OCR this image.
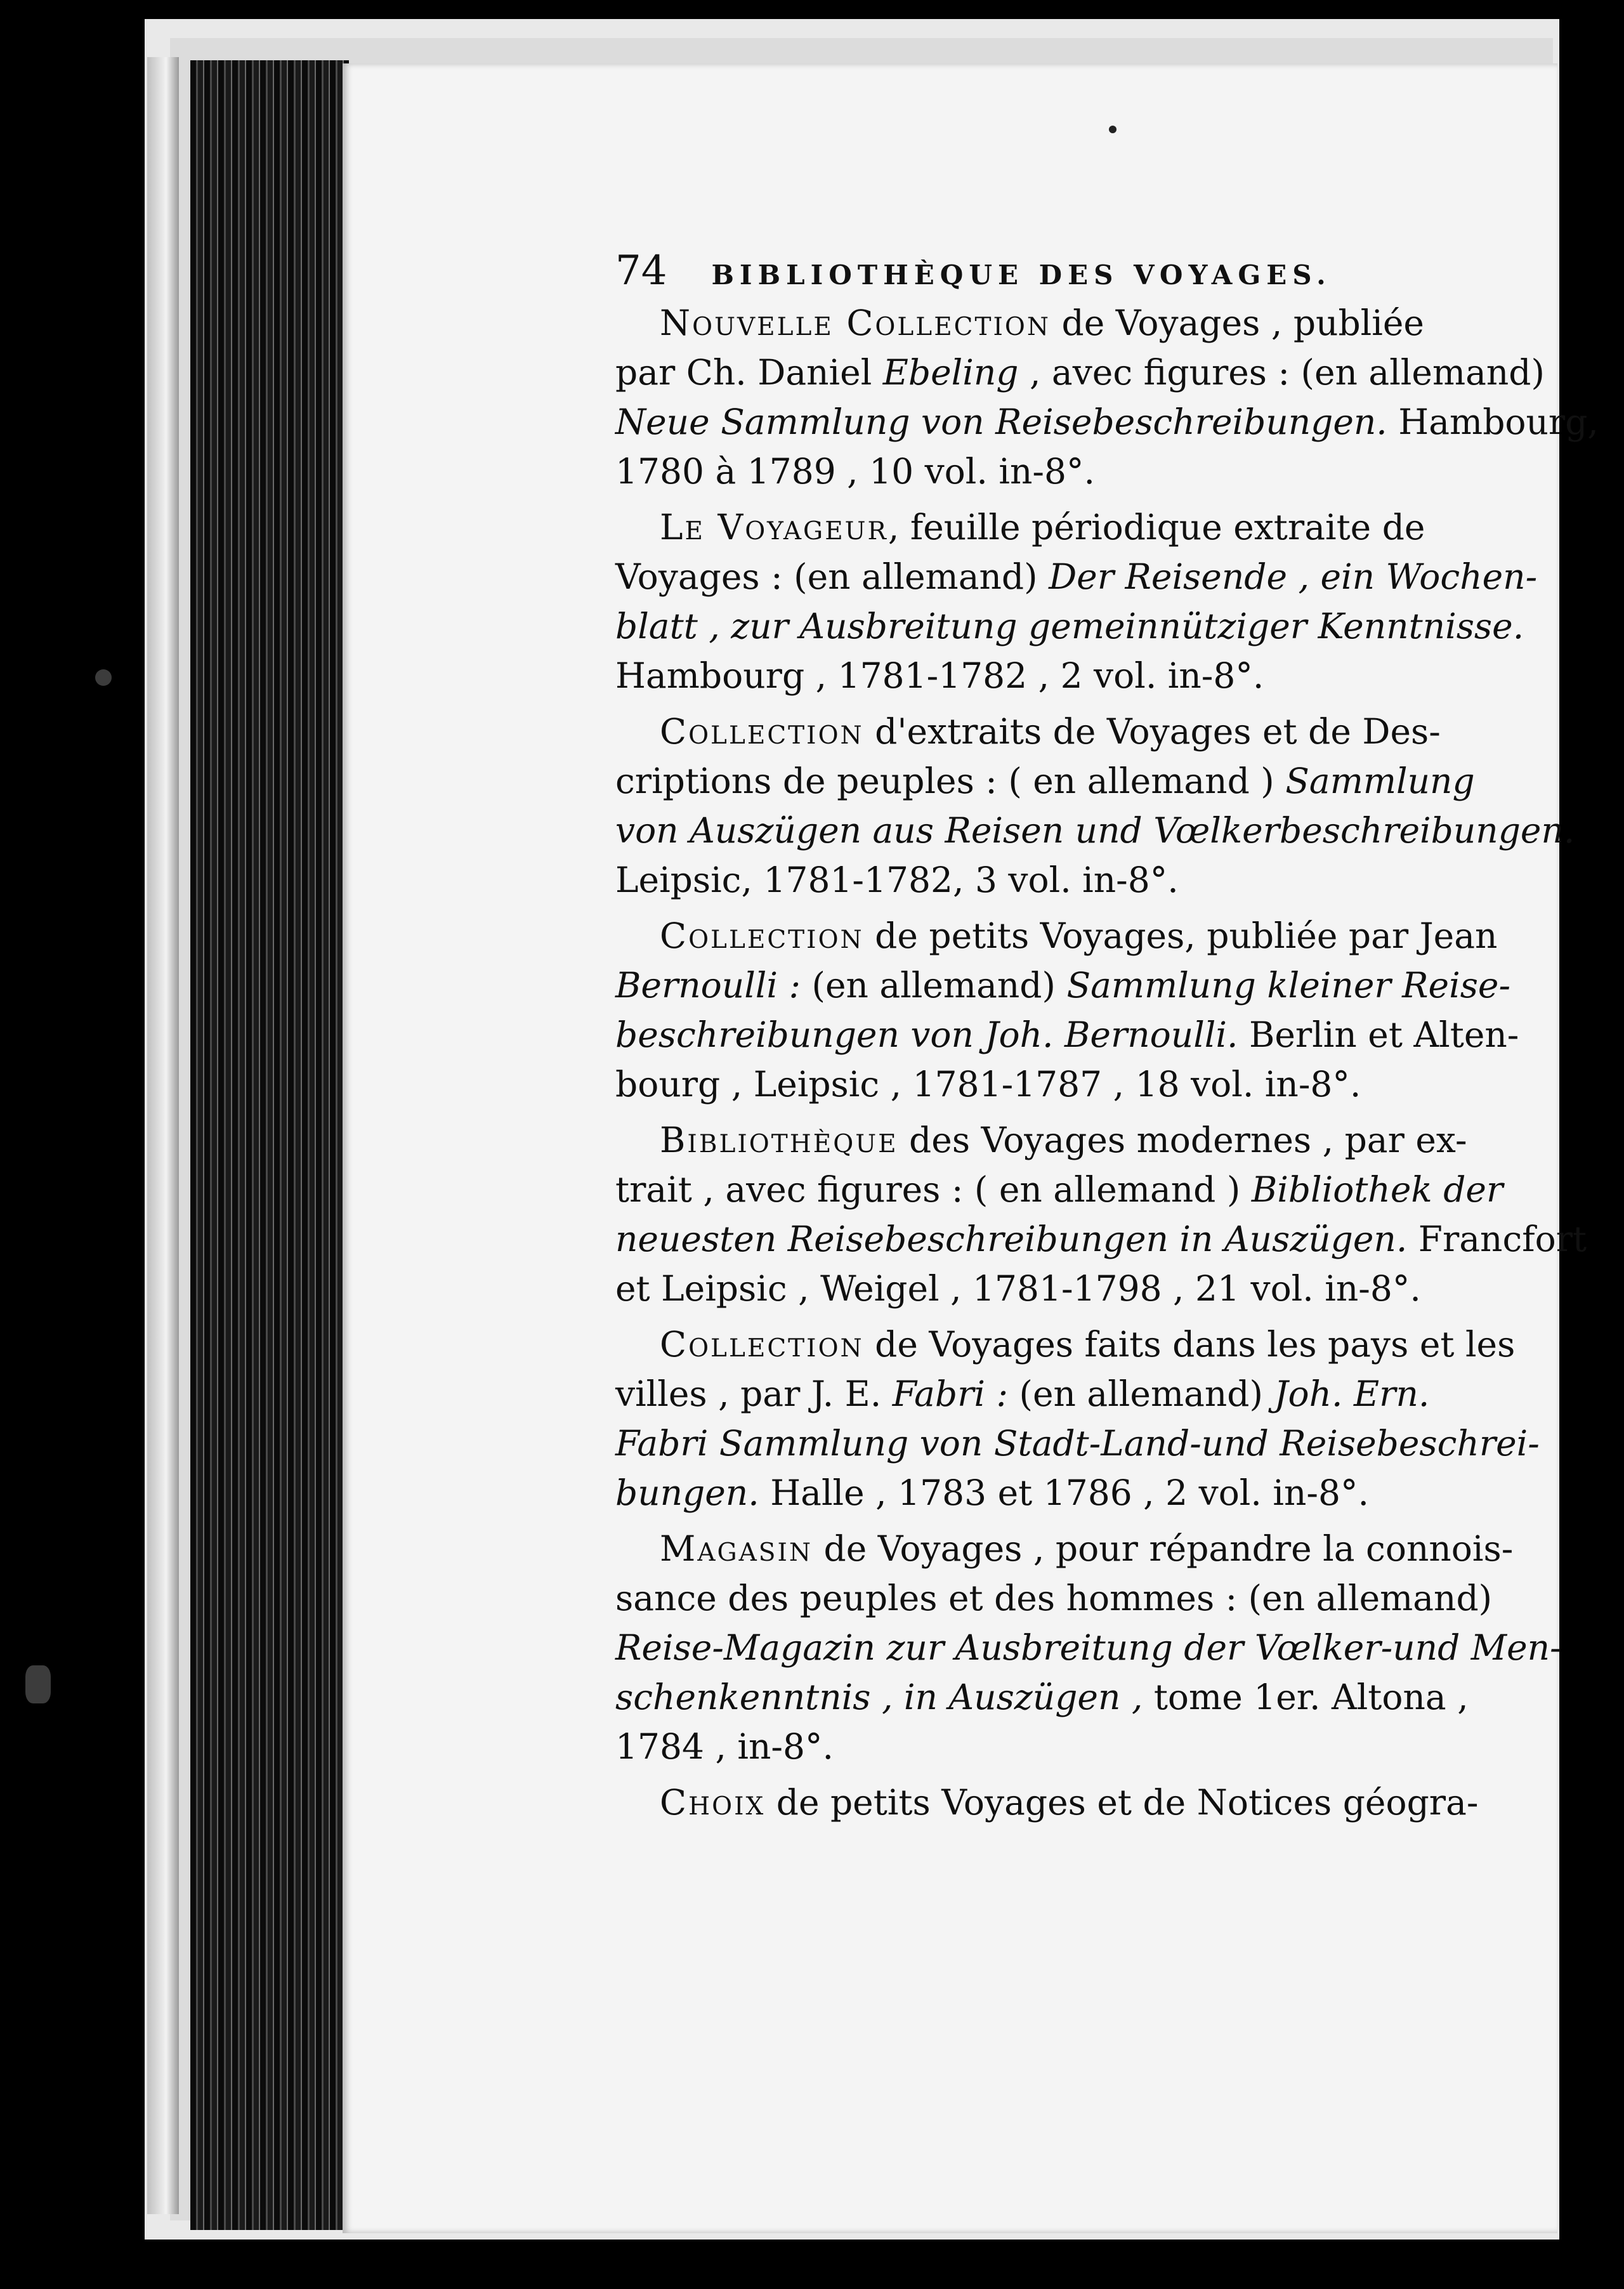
74 BIBLIOTHÈQUE DES VOYAGES.
Nouvelle Collection de Voyages , publiée
par Ch. Daniel Ebeling , avec figures : (en allemand)
Neue Sammlung von Reisebeschreibungen. Hambourg,
1780 à 1789 , 10 vol. in-8°.
Le Voyageur, feuille périodique extraite de
Voyages : (en allemand) Der Reisende , ein Wochen-
blatt , zur Ausbreitung gemeinnütziger Kenntnisse.
Hambourg , 1781-1782 , 2 vol. in-8°.
Collection d'extraits de Voyages et de Des-
criptions de peuples : ( en allemand ) Sammlung
von Auszügen aus Reisen und Vœlkerbeschreibungen.
Leipsic, 1781-1782, 3 vol. in-8°.
Collection de petits Voyages, publiée par Jean
Bernoulli : (en allemand) Sammlung kleiner Reise-
beschreibungen von Joh. Bernoulli. Berlin et Alten-
bourg , Leipsic , 1781-1787 , 18 vol. in-8°.
Bibliothèque des Voyages modernes , par ex-
trait , avec figures : ( en allemand ) Bibliothek der
neuesten Reisebeschreibungen in Auszügen. Francfort
et Leipsic , Weigel , 1781-1798 , 21 vol. in-8°.
Collection de Voyages faits dans les pays et les
villes , par J. E. Fabri : (en allemand) Joh. Ern.
Fabri Sammlung von Stadt-Land-und Reisebeschrei-
bungen. Halle , 1783 et 1786 , 2 vol. in-8°.
Magasin de Voyages , pour répandre la connois-
sance des peuples et des hommes : (en allemand)
Reise-Magazin zur Ausbreitung der Vœlker-und Men-
schenkenntnis , in Auszügen , tome 1er. Altona ,
1784 , in-8°.
Choix de petits Voyages et de Notices géogra-
